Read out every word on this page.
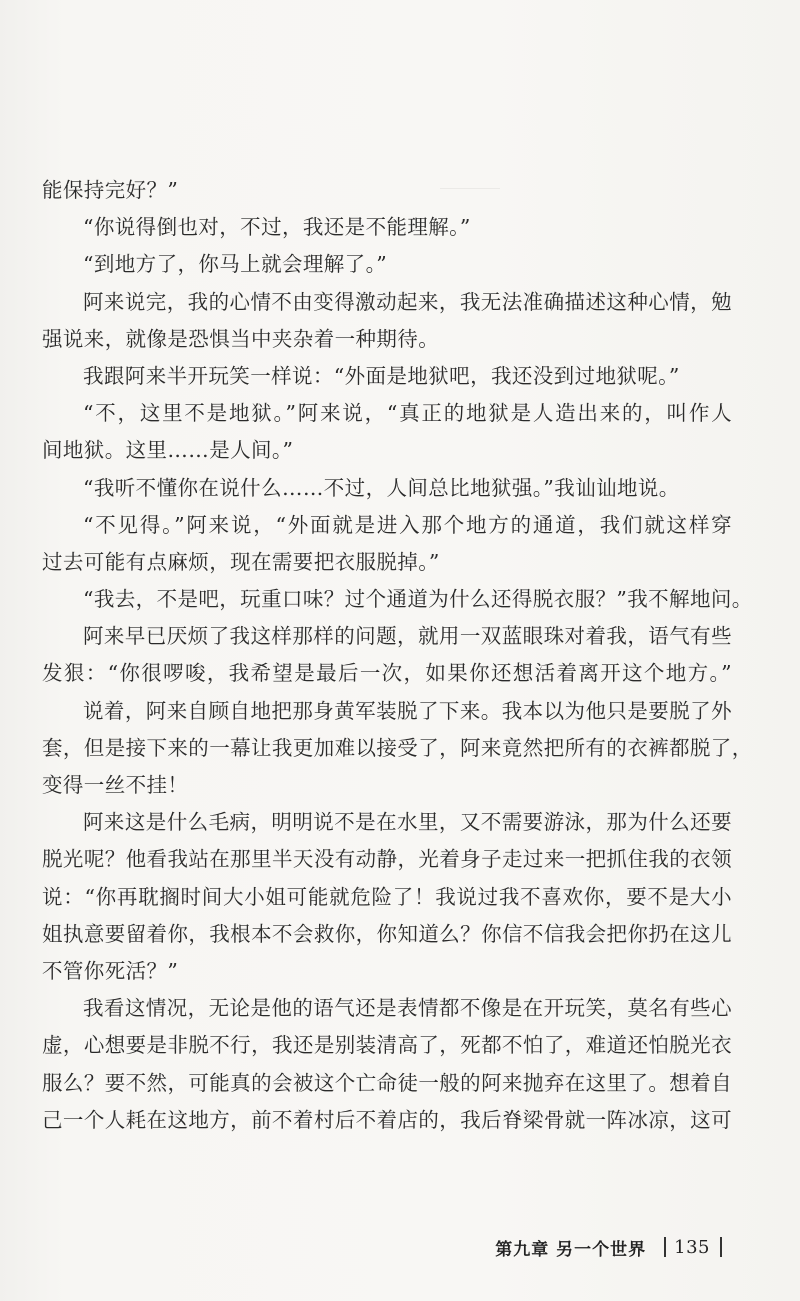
能保持完好？”
“你说得倒也对，不过，我还是不能理解。”
“到地方了，你马上就会理解了。”
阿来说完，我的心情不由变得激动起来，我无法准确描述这种心情，勉
强说来，就像是恐惧当中夹杂着一种期待。
我跟阿来半开玩笑一样说：“外面是地狱吧，我还没到过地狱呢。”
“不，这里不是地狱。”阿来说，“真正的地狱是人造出来的，叫作人
间地狱。这里……是人间。”
“我听不懂你在说什么……不过，人间总比地狱强。”我讪讪地说。
“不见得。”阿来说，“外面就是进入那个地方的通道，我们就这样穿
过去可能有点麻烦，现在需要把衣服脱掉。”
“我去，不是吧，玩重口味？过个通道为什么还得脱衣服？”我不解地问。
阿来早已厌烦了我这样那样的问题，就用一双蓝眼珠对着我，语气有些
发狠：“你很啰唆，我希望是最后一次，如果你还想活着离开这个地方。”
说着，阿来自顾自地把那身黄军装脱了下来。我本以为他只是要脱了外
套，但是接下来的一幕让我更加难以接受了，阿来竟然把所有的衣裤都脱了，
变得一丝不挂！
阿来这是什么毛病，明明说不是在水里，又不需要游泳，那为什么还要
脱光呢？他看我站在那里半天没有动静，光着身子走过来一把抓住我的衣领
说：“你再耽搁时间大小姐可能就危险了！我说过我不喜欢你，要不是大小
姐执意要留着你，我根本不会救你，你知道么？你信不信我会把你扔在这儿
不管你死活？”
我看这情况，无论是他的语气还是表情都不像是在开玩笑，莫名有些心
虚，心想要是非脱不行，我还是别装清高了，死都不怕了，难道还怕脱光衣
服么？要不然，可能真的会被这个亡命徒一般的阿来抛弃在这里了。想着自
己一个人耗在这地方，前不着村后不着店的，我后脊梁骨就一阵冰凉，这可
第九章 另一个世界 135
